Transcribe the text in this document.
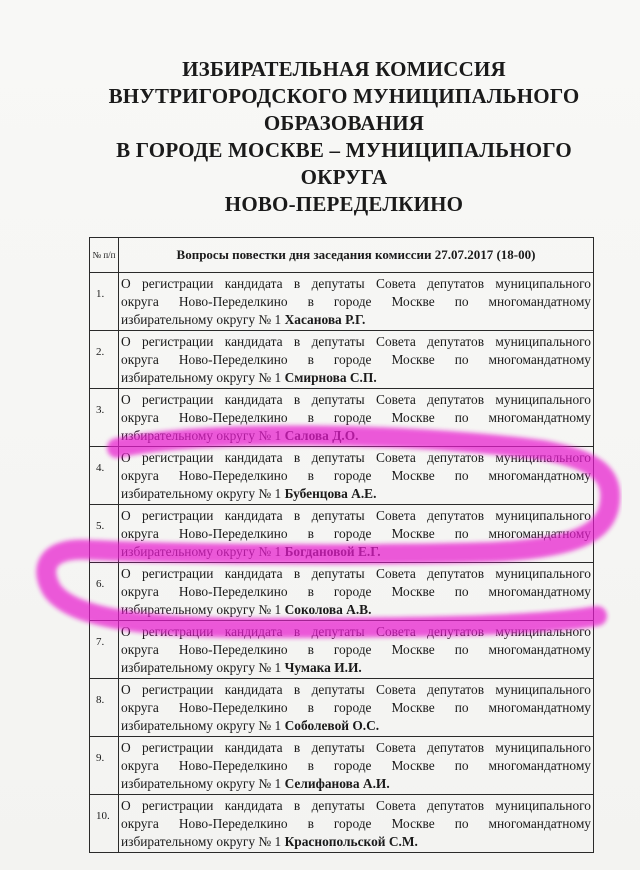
ИЗБИРАТЕЛЬНАЯ КОМИССИЯ
ВНУТРИГОРОДСКОГО МУНИЦИПАЛЬНОГО
ОБРАЗОВАНИЯ
В ГОРОДЕ МОСКВЕ – МУНИЦИПАЛЬНОГО
ОКРУГА
НОВО-ПЕРЕДЕЛКИНО
№ п/п	Вопросы повестки дня заседания комиссии 27.07.2017 (18-00)
1.	О регистрации кандидата в депутаты Совета депутатов муниципального
округа Ново-Переделкино в городе Москве по многомандатному
избирательному округу № 1 Хасанова Р.Г.

2.	О регистрации кандидата в депутаты Совета депутатов муниципального
округа Ново-Переделкино в городе Москве по многомандатному
избирательному округу № 1 Смирнова С.П.

3.	О регистрации кандидата в депутаты Совета депутатов муниципального
округа Ново-Переделкино в городе Москве по многомандатному
избирательному округу № 1 Салова Д.О.

4.	О регистрации кандидата в депутаты Совета депутатов муниципального
округа Ново-Переделкино в городе Москве по многомандатному
избирательному округу № 1 Бубенцова А.Е.

5.	О регистрации кандидата в депутаты Совета депутатов муниципального
округа Ново-Переделкино в городе Москве по многомандатному
избирательному округу № 1 Богдановой Е.Г.

6.	О регистрации кандидата в депутаты Совета депутатов муниципального
округа Ново-Переделкино в городе Москве по многомандатному
избирательному округу № 1 Соколова А.В.

7.	О регистрации кандидата в депутаты Совета депутатов муниципального
округа Ново-Переделкино в городе Москве по многомандатному
избирательному округу № 1 Чумака И.И.

8.	О регистрации кандидата в депутаты Совета депутатов муниципального
округа Ново-Переделкино в городе Москве по многомандатному
избирательному округу № 1 Соболевой О.С.

9.	О регистрации кандидата в депутаты Совета депутатов муниципального
округа Ново-Переделкино в городе Москве по многомандатному
избирательному округу № 1 Селифанова А.И.

10.	О регистрации кандидата в депутаты Совета депутатов муниципального
округа Ново-Переделкино в городе Москве по многомандатному
избирательному округу № 1 Краснопольской С.М.
